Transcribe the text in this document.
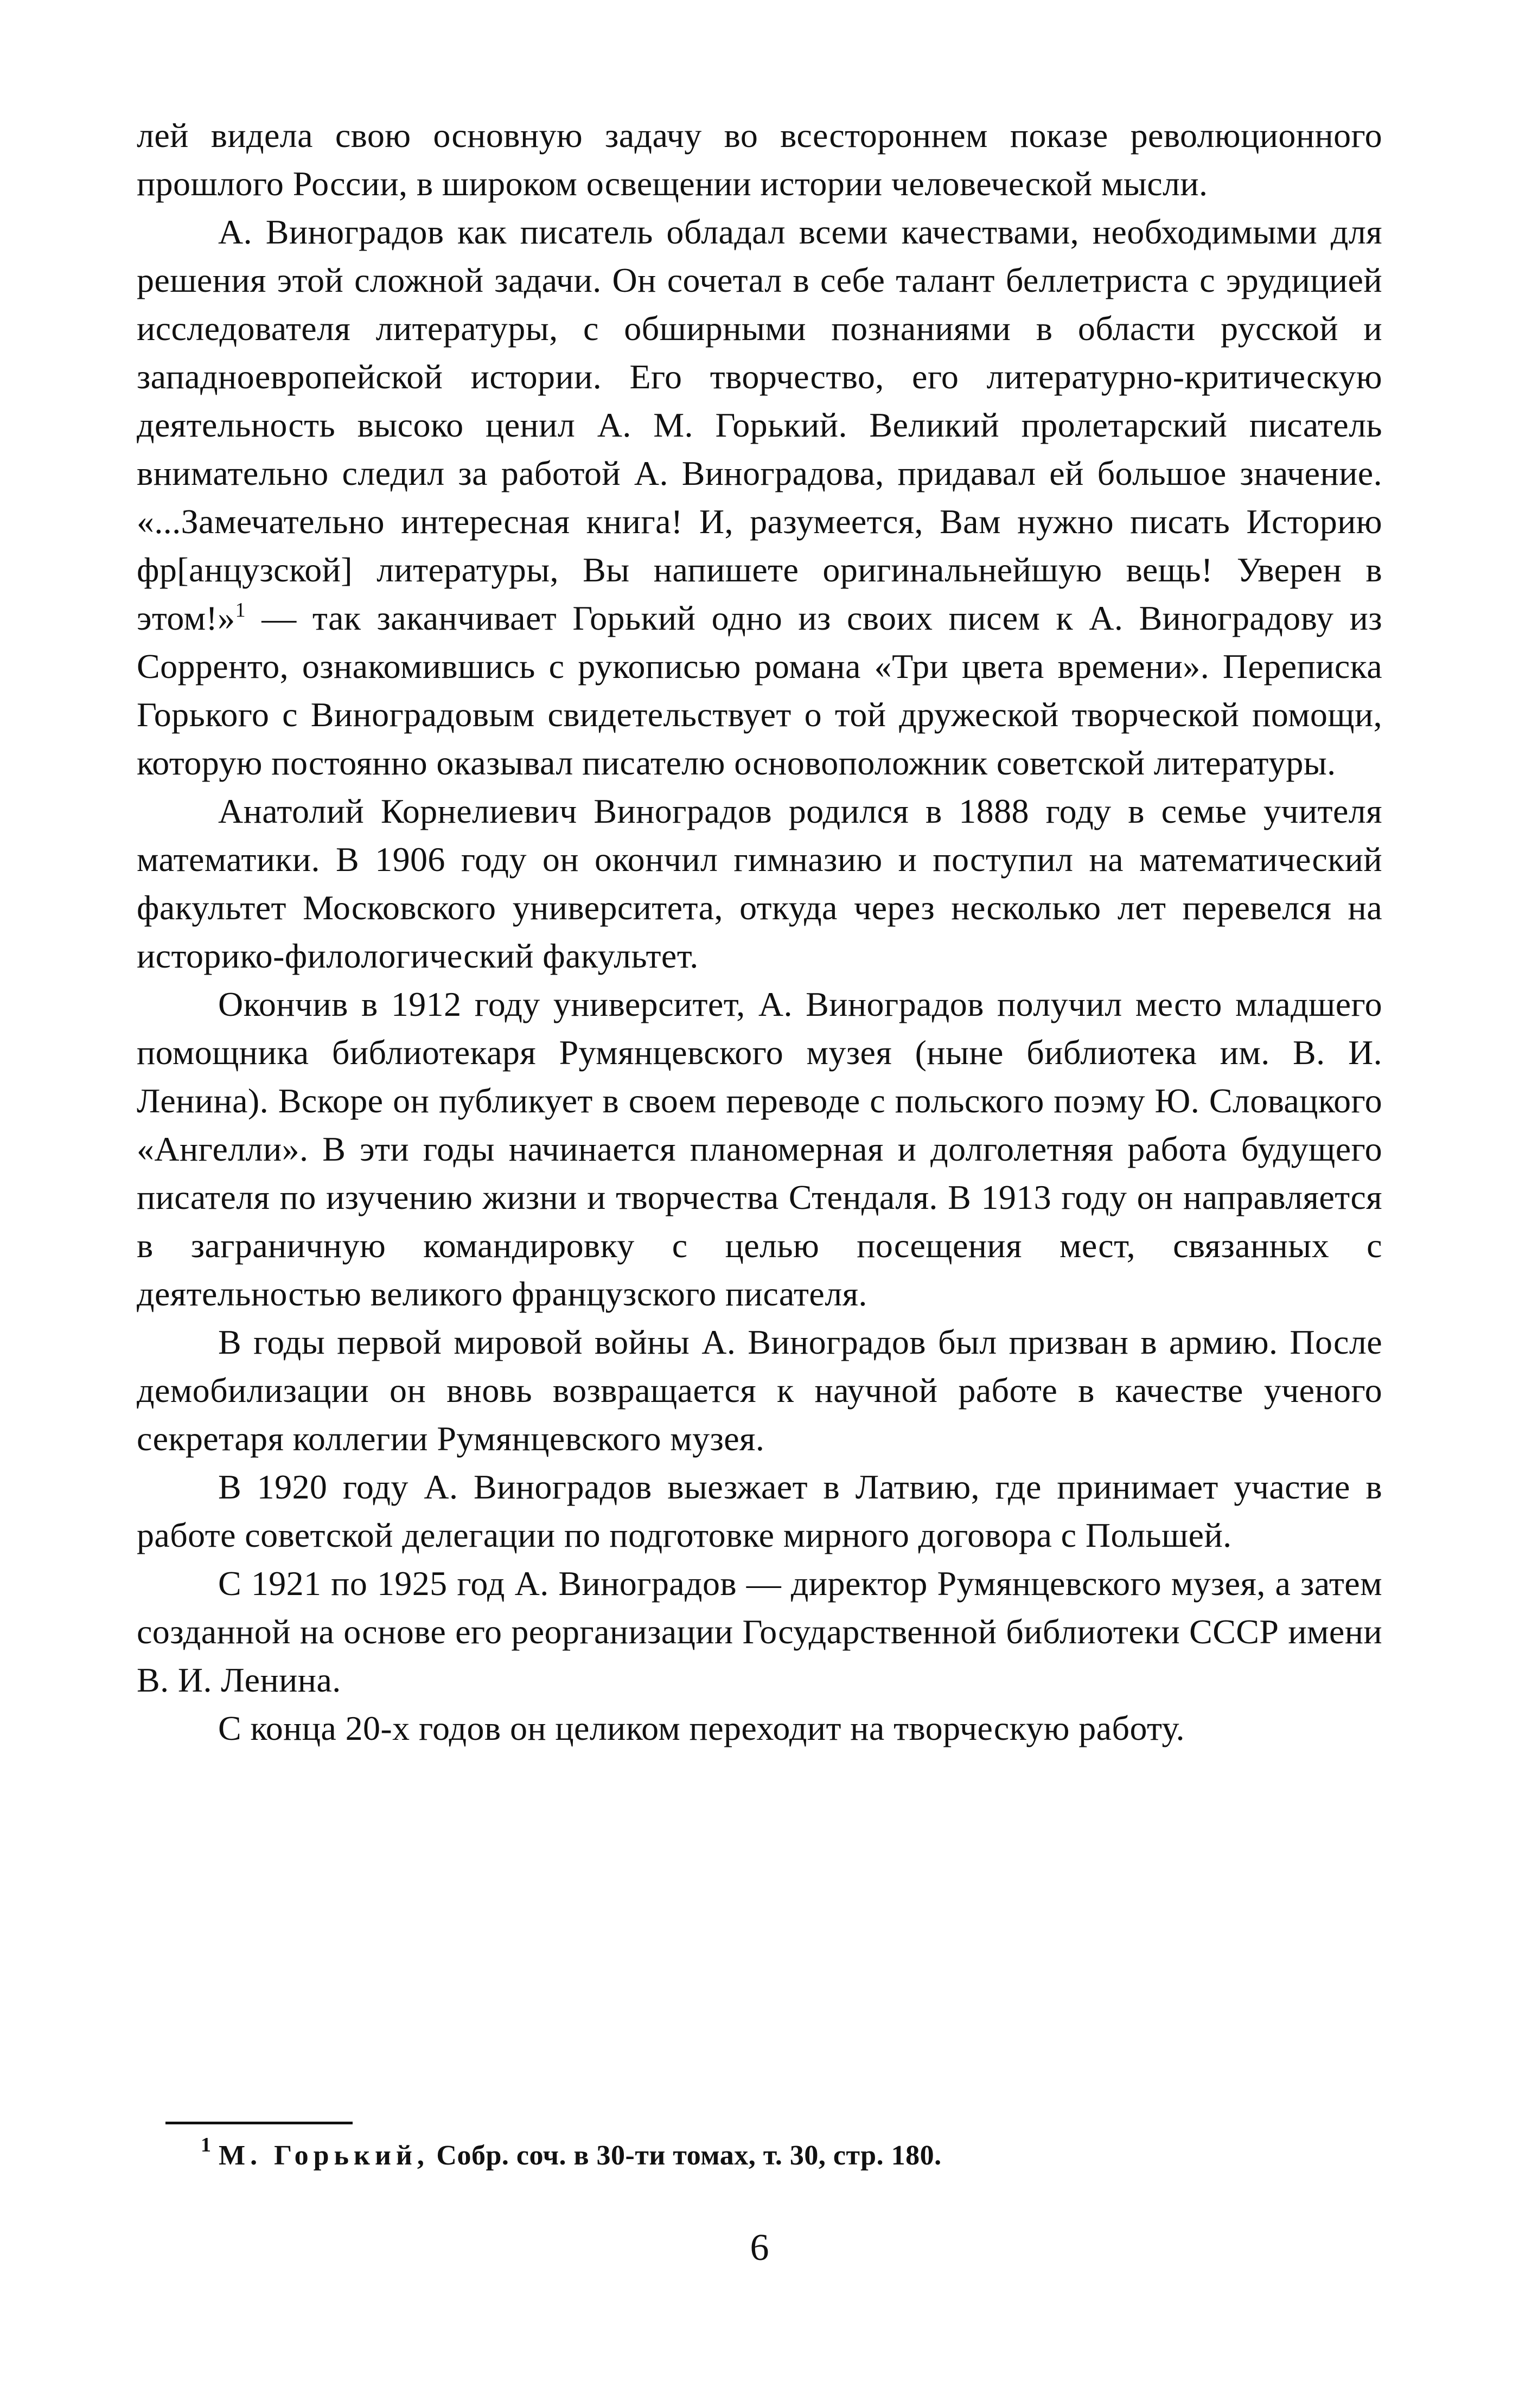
лей видела свою основную задачу во всестороннем показе революционного прошлого России, в широком освещении истории человеческой мысли.

А. Виноградов как писатель обладал всеми качествами, необходимыми для решения этой сложной задачи. Он сочетал в себе талант беллетриста с эрудицией исследователя литературы, с обширными познаниями в области русской и западноевропейской истории. Его творчество, его литературно-критическую деятельность высоко ценил А. М. Горький. Великий пролетарский писатель внимательно следил за работой А. Виноградова, придавал ей большое значение. «...Замечательно интересная книга! И, разумеется, Вам нужно писать Историю фр[анцузской] литературы, Вы напишете оригинальнейшую вещь! Уверен в этом!»$^1$ — так заканчивает Горький одно из своих писем к А. Виноградову из Сорренто, ознакомившись с рукописью романа «Три цвета времени». Переписка Горького с Виноградовым свидетельствует о той дружеской творческой помощи, которую постоянно оказывал писателю основоположник советской литературы.

Анатолий Корнелиевич Виноградов родился в 1888 году в семье учителя математики. В 1906 году он окончил гимназию и поступил на математический факультет Московского университета, откуда через несколько лет перевелся на историко-филологический факультет.

Окончив в 1912 году университет, А. Виноградов получил место младшего помощника библиотекаря Румянцевского музея (ныне библиотека им. В. И. Ленина). Вскоре он публикует в своем переводе с польского поэму Ю. Словацкого «Ангелли». В эти годы начинается планомерная и долголетняя работа будущего писателя по изучению жизни и творчества Стендаля. В 1913 году он направляется в заграничную командировку с целью посещения мест, связанных с деятельностью великого французского писателя.

В годы первой мировой войны А. Виноградов был призван в армию. После демобилизации он вновь возвращается к научной работе в качестве ученого секретаря коллегии Румянцевского музея.

В 1920 году А. Виноградов выезжает в Латвию, где принимает участие в работе советской делегации по подготовке мирного договора с Польшей.

С 1921 по 1925 год А. Виноградов — директор Румянцевского музея, а затем созданной на основе его реорганизации Государственной библиотеки СССР имени В. И. Ленина.

С конца 20-х годов он целиком переходит на творческую работу.

$^1$ М. Горький, Собр. соч. в 30-ти томах, т. 30, стр. 180.
6
